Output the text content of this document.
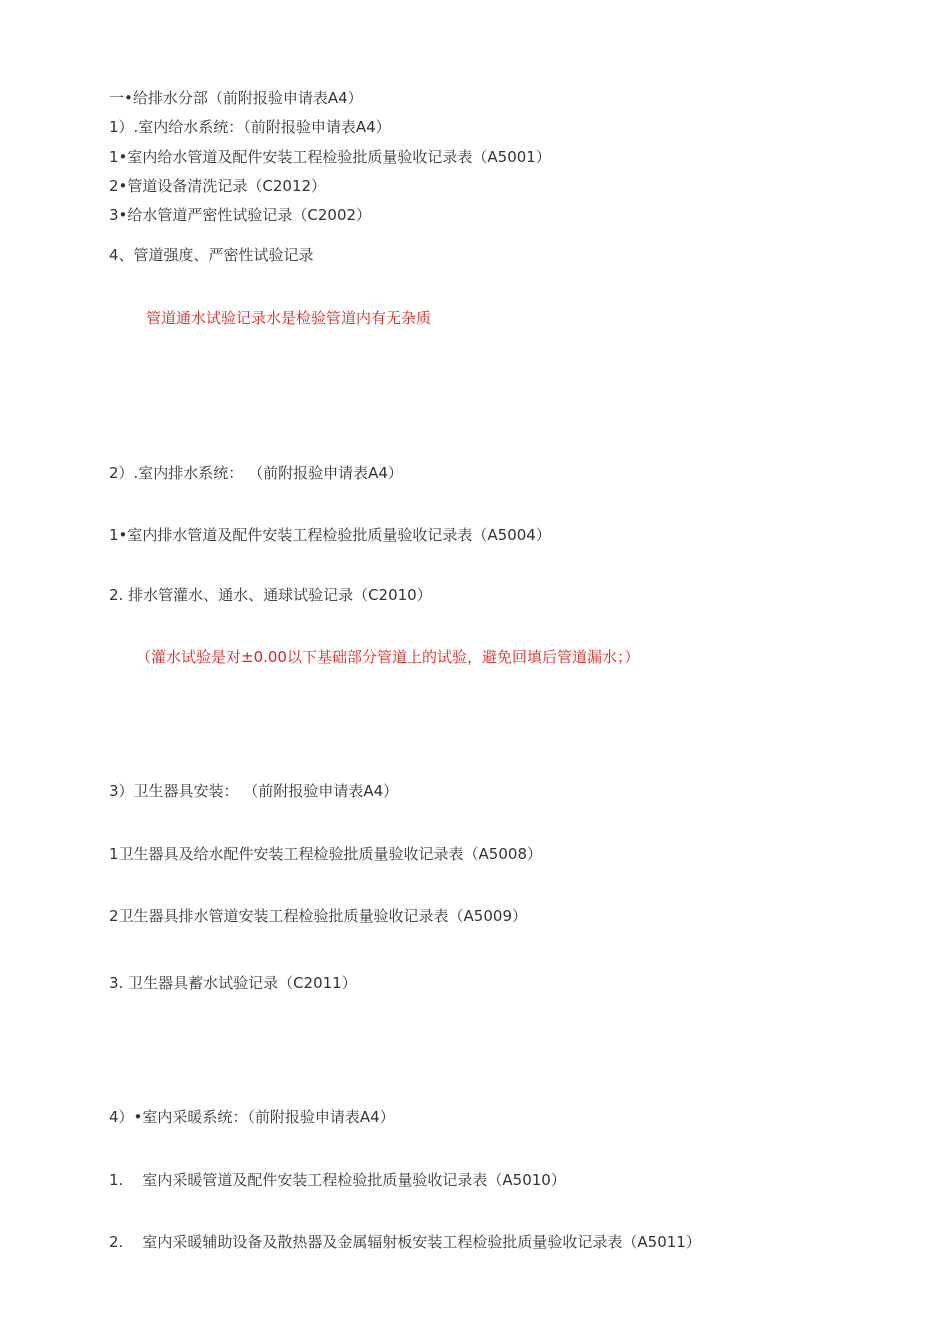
一•给排水分部（前附报验申请表A4）
1）.室内给水系统：（前附报验申请表A4）
1•室内给水管道及配件安装工程检验批质量验收记录表（A5001）
2•管道设备清洗记录（C2012）
3•给水管道严密性试验记录（C2002）
4、管道强度、严密性试验记录
管道通水试验记录水是检验管道内有无杂质
2）.室内排水系统： （前附报验申请表A4）
1•室内排水管道及配件安装工程检验批质量验收记录表（A5004）
2. 排水管灌水、通水、通球试验记录（C2010）
（灌水试验是对±0.00以下基础部分管道上的试验，避免回填后管道漏水；）
3）卫生器具安装： （前附报验申请表A4）
1卫生器具及给水配件安装工程检验批质量验收记录表（A5008）
2卫生器具排水管道安装工程检验批质量验收记录表（A5009）
3. 卫生器具蓄水试验记录（C2011）
4）•室内采暖系统：（前附报验申请表A4）
1.    室内采暖管道及配件安装工程检验批质量验收记录表（A5010）
2.    室内采暖辅助设备及散热器及金属辐射板安装工程检验批质量验收记录表（A5011）
